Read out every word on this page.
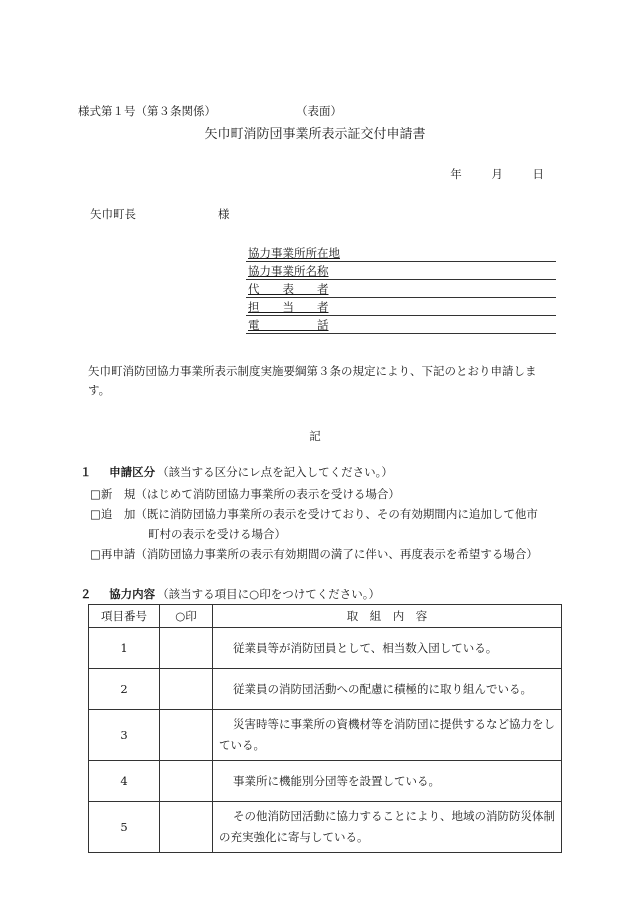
様式第１号（第３条関係）	（表面）
矢巾町消防団事業所表示証交付申請書
年	月	日
矢巾町長	様
協力事業所所在地
協力事業所名称
代　　表　　者
担　　当　　者
電　　　　　話
矢巾町消防団協力事業所表示制度実施要綱第３条の規定により、下記のとおり申請します。
記
１ 申請区分 （該当する区分にレ点を記入してください。）
□新　規（はじめて消防団協力事業所の表示を受ける場合）
□追　加（既に消防団協力事業所の表示を受けており、その有効期間内に追加して他市
町村の表示を受ける場合）
□再申請（消防団協力事業所の表示有効期間の満了に伴い、再度表示を希望する場合）
２ 協力内容 （該当する項目に○印をつけてください。）
項目番号	○印	取　組　内　容
1		従業員等が消防団員として、相当数入団している。
2		従業員の消防団活動への配慮に積極的に取り組んでいる。
3		災害時等に事業所の資機材等を消防団に提供するなど協力をしている。
4		事業所に機能別分団等を設置している。
5		その他消防団活動に協力することにより、地域の消防防災体制の充実強化に寄与している。
